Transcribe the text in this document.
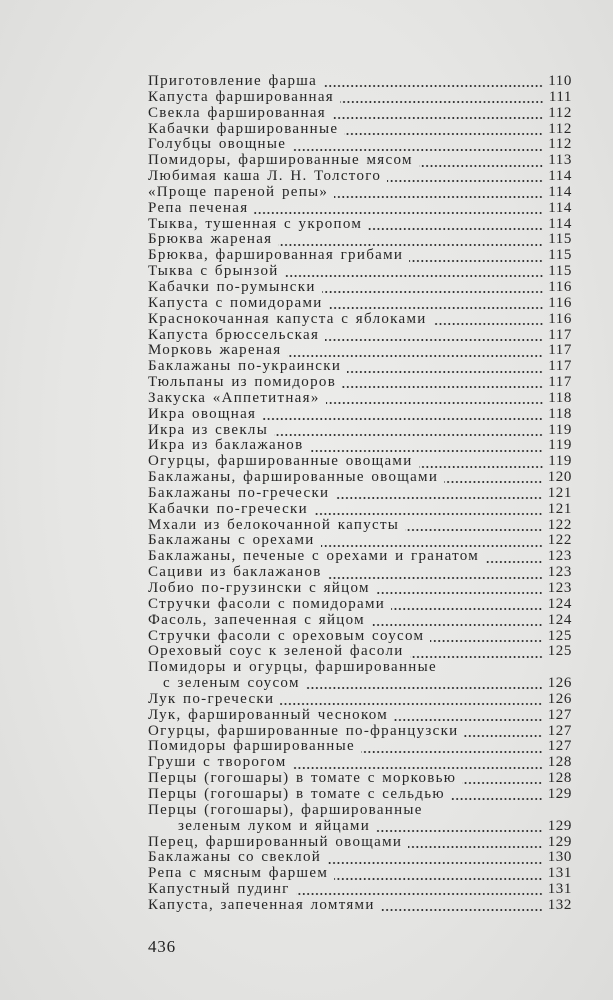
Приготовление фарша	110
Капуста фаршированная	111
Свекла фаршированная	112
Кабачки фаршированные	112
Голубцы овощные	112
Помидоры, фаршированные мясом	113
Любимая каша Л. Н. Толстого	114
«Проще пареной репы»	114
Репа печеная	114
Тыква, тушенная с укропом	114
Брюква жареная	115
Брюква, фаршированная грибами	115
Тыква с брынзой	115
Кабачки по-румынски	116
Капуста с помидорами	116
Краснокочанная капуста с яблоками	116
Капуста брюссельская	117
Морковь жареная	117
Баклажаны по-украински	117
Тюльпаны из помидоров	117
Закуска «Аппетитная»	118
Икра овощная	118
Икра из свеклы	119
Икра из баклажанов	119
Огурцы, фаршированные овощами	119
Баклажаны, фаршированные овощами	120
Баклажаны по-гречески	121
Кабачки по-гречески	121
Мхали из белокочанной капусты	122
Баклажаны с орехами	122
Баклажаны, печеные с орехами и гранатом	123
Сациви из баклажанов	123
Лобио по-грузински с яйцом	123
Стручки фасоли с помидорами	124
Фасоль, запеченная с яйцом	124
Стручки фасоли с ореховым соусом	125
Ореховый соус к зеленой фасоли	125
Помидоры и огурцы, фаршированные
с зеленым соусом	126
Лук по-гречески	126
Лук, фаршированный чесноком	127
Огурцы, фаршированные по-французски	127
Помидоры фаршированные	127
Груши с творогом	128
Перцы (гогошары) в томате с морковью	128
Перцы (гогошары) в томате с сельдью	129
Перцы (гогошары), фаршированные
зеленым луком и яйцами	129
Перец, фаршированный овощами	129
Баклажаны со свеклой	130
Репа с мясным фаршем	131
Капустный пудинг	131
Капуста, запеченная ломтями	132
436
